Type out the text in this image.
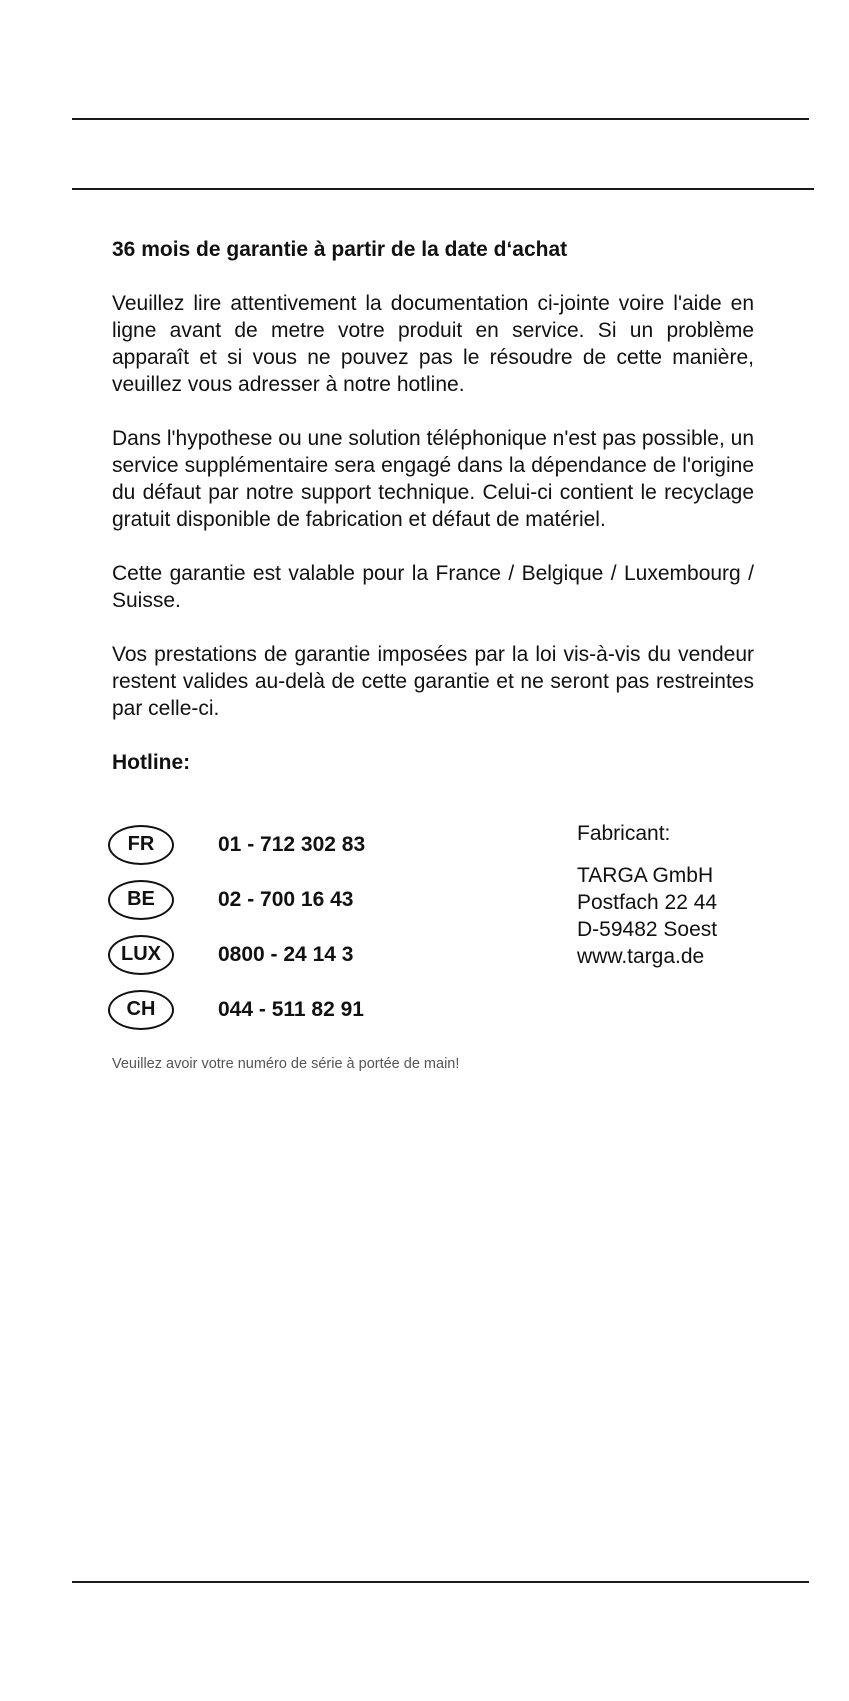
36 mois de garantie à partir de la date d‘achat

Veuillez lire attentivement la documentation ci-jointe voire l'aide en ligne avant de metre votre produit en service. Si un problème apparaît et si vous ne pouvez pas le résoudre de cette manière, veuillez vous adresser à notre hotline.

Dans l'hypothese ou une solution téléphonique n'est pas possible, un service supplémentaire sera engagé dans la dépendance de l'origine du défaut par notre support technique. Celui-ci contient le recyclage gratuit disponible de fabrication et défaut de matériel.

Cette garantie est valable pour la France / Belgique / Luxembourg / Suisse.

Vos prestations de garantie imposées par la loi vis-à-vis du vendeur restent valides au-delà de cette garantie et ne seront pas restreintes par celle-ci.

Hotline:

FR	01 - 712 302 83
BE	02 - 700 16 43
LUX	0800 - 24 14 3
CH	044 - 511 82 91
Fabricant:
TARGA GmbH
Postfach 22 44
D-59482 Soest
www.targa.de
Veuillez avoir votre numéro de série à portée de main!
